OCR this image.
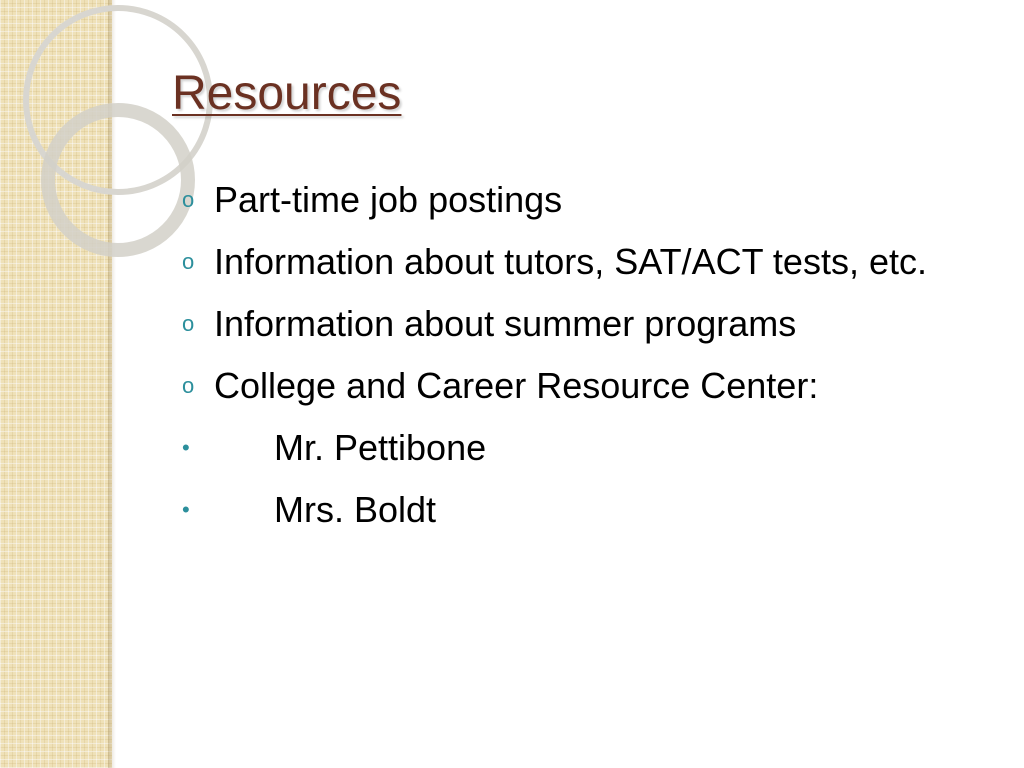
Resources
o Part-time job postings
o Information about tutors, SAT/ACT tests, etc.
o Information about summer programs
o College and Career Resource Center:
• Mr. Pettibone
• Mrs. Boldt
